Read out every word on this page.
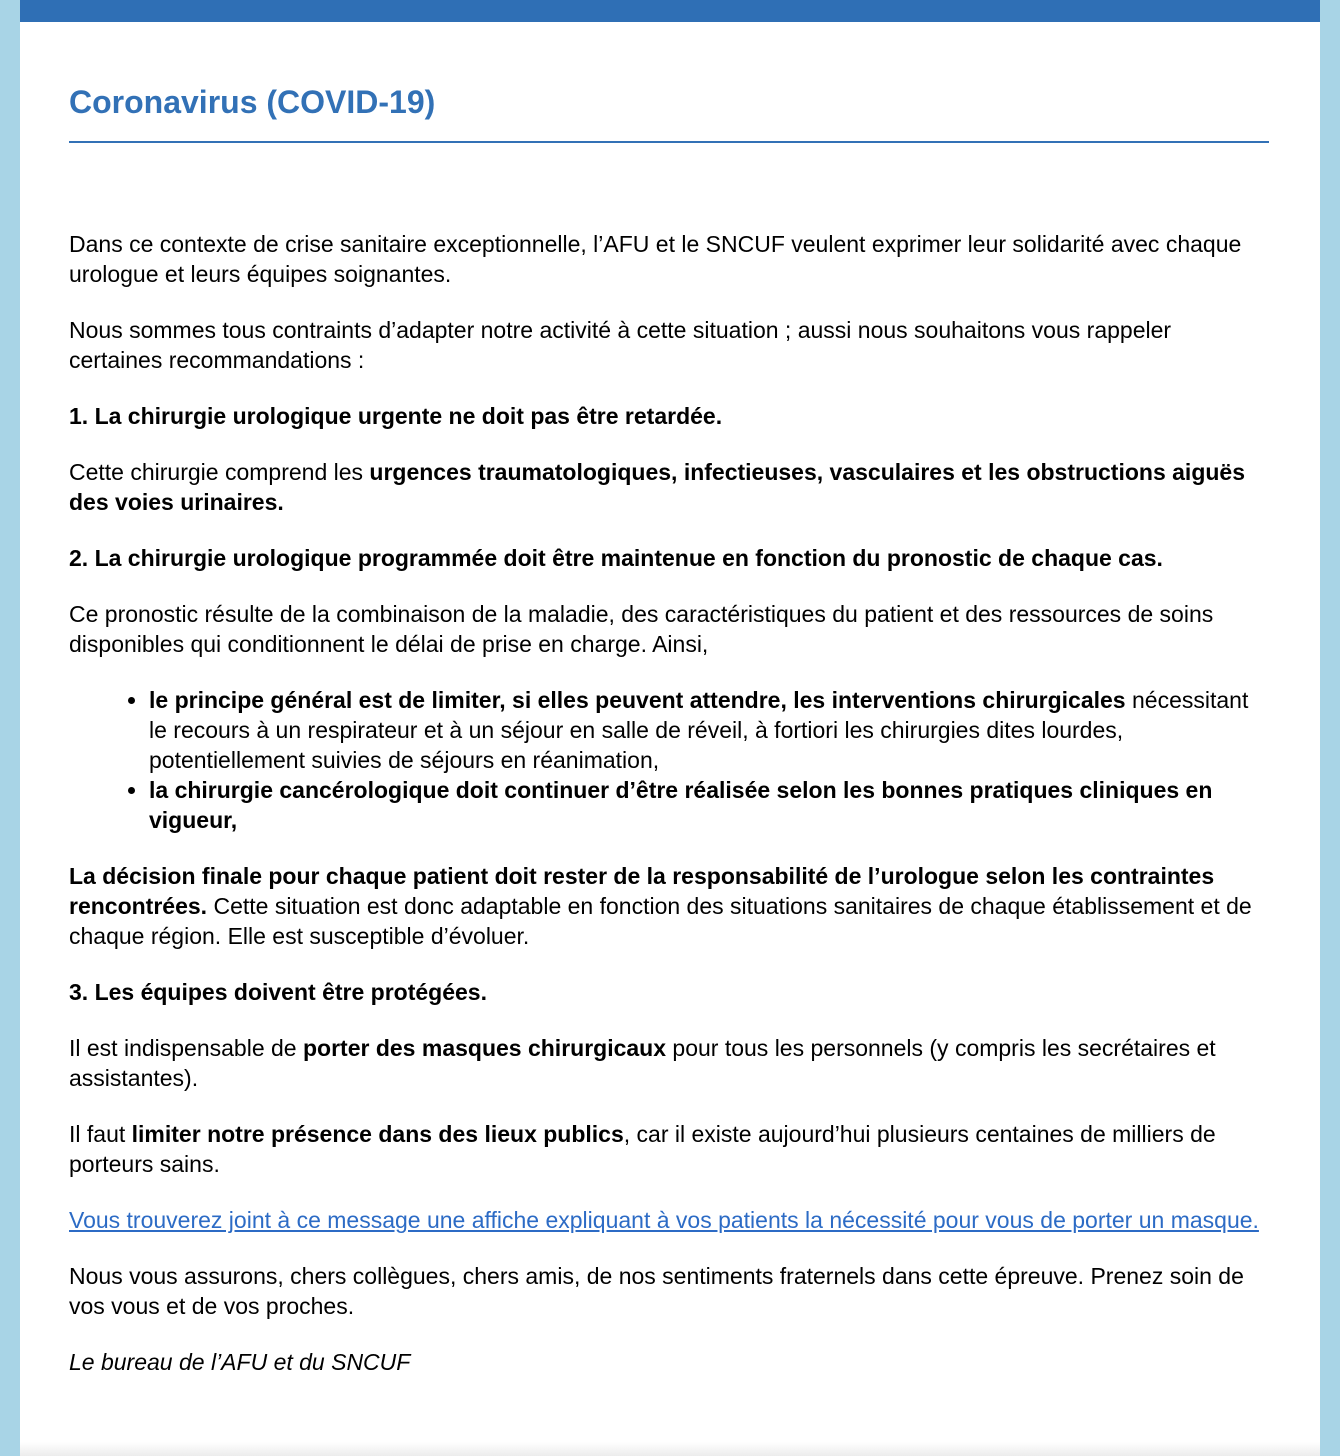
Coronavirus (COVID-19)

Dans ce contexte de crise sanitaire exceptionnelle, l’AFU et le SNCUF veulent exprimer leur solidarité avec chaque urologue et leurs équipes soignantes.

Nous sommes tous contraints d’adapter notre activité à cette situation ; aussi nous souhaitons vous rappeler certaines recommandations :

1. La chirurgie urologique urgente ne doit pas être retardée.

Cette chirurgie comprend les urgences traumatologiques, infectieuses, vasculaires et les obstructions aiguës des voies urinaires.

2. La chirurgie urologique programmée doit être maintenue en fonction du pronostic de chaque cas.

Ce pronostic résulte de la combinaison de la maladie, des caractéristiques du patient et des ressources de soins disponibles qui conditionnent le délai de prise en charge. Ainsi,

• le principe général est de limiter, si elles peuvent attendre, les interventions chirurgicales nécessitant le recours à un respirateur et à un séjour en salle de réveil, à fortiori les chirurgies dites lourdes, potentiellement suivies de séjours en réanimation,
• la chirurgie cancérologique doit continuer d’être réalisée selon les bonnes pratiques cliniques en vigueur,

La décision finale pour chaque patient doit rester de la responsabilité de l’urologue selon les contraintes rencontrées. Cette situation est donc adaptable en fonction des situations sanitaires de chaque établissement et de chaque région. Elle est susceptible d’évoluer.

3. Les équipes doivent être protégées.

Il est indispensable de porter des masques chirurgicaux pour tous les personnels (y compris les secrétaires et assistantes).

Il faut limiter notre présence dans des lieux publics, car il existe aujourd’hui plusieurs centaines de milliers de porteurs sains.

Vous trouverez joint à ce message une affiche expliquant à vos patients la nécessité pour vous de porter un masque.

Nous vous assurons, chers collègues, chers amis, de nos sentiments fraternels dans cette épreuve. Prenez soin de vos vous et de vos proches.

Le bureau de l’AFU et du SNCUF
